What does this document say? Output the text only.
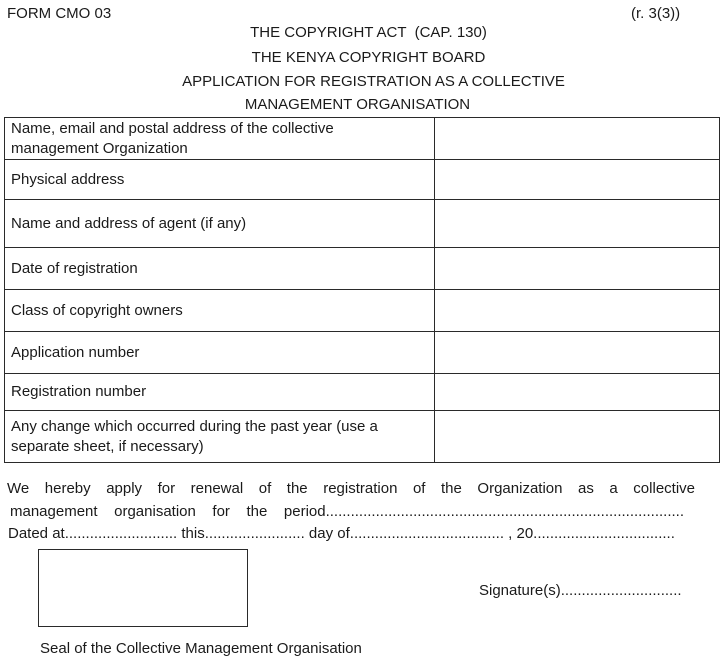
FORM CMO 03	(r. 3(3))
THE COPYRIGHT ACT  (CAP. 130)
THE KENYA COPYRIGHT BOARD
APPLICATION FOR REGISTRATION AS A COLLECTIVE
MANAGEMENT ORGANISATION
Name, email and postal address of the collective
management Organization	
Physical address	
Name and address of agent (if any)	
Date of registration	
Class of copyright owners	
Application number	
Registration number	
Any change which occurred during the past year (use a
separate sheet, if necessary)	
We hereby apply for renewal of the registration of the Organization as a collective
management organisation for the period......................................................................................
Dated at........................... this........................ day of..................................... , 20..................................
Signature(s).............................
Seal of the Collective Management Organisation
